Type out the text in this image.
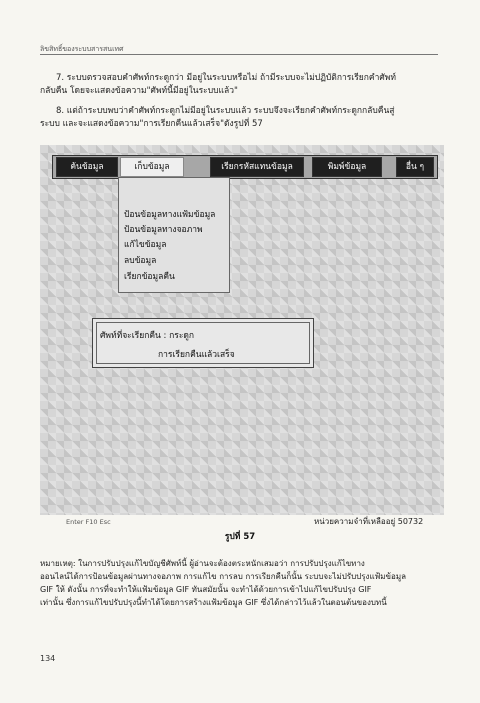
ลิขสิทธิ์ของระบบสารสนเทศ
7. ระบบตรวจสอบคำศัพท์กระดูกว่า มีอยู่ในระบบหรือไม่ ถ้ามีระบบจะไม่ปฏิบัติการเรียกคำศัพท์
กลับคืน โดยจะแสดงข้อความ"ศัพท์นี้มีอยู่ในระบบแล้ว"
8. แต่ถ้าระบบพบว่าคำศัพท์กระดูกไม่มีอยู่ในระบบแล้ว ระบบจึงจะเรียกคำศัพท์กระดูกกลับคืนสู่
ระบบ และจะแสดงข้อความ"การเรียกคืนแล้วเสร็จ"ดังรูปที่ 57
ค้นข้อมูล	เก็บข้อมูล	เรียกรหัสแทนข้อมูล	พิมพ์ข้อมูล	อื่น ๆ
ป้อนข้อมูลทางแฟ้มข้อมูล
ป้อนข้อมูลทางจอภาพ
แก้ไขข้อมูล
ลบข้อมูล
เรียกข้อมูลคืน
ศัพท์ที่จะเรียกคืน : กระดูก
การเรียกคืนแล้วเสร็จ
Enter F10 Esc	หน่วยความจำที่เหลืออยู่ 50732
รูปที่ 57
หมายเหตุ: ในการปรับปรุงแก้ไขบัญชีศัพท์นี้ ผู้อ่านจะต้องตระหนักเสมอว่า การปรับปรุงแก้ไขทาง
ออนไลน์ได้การป้อนข้อมูลผ่านทางจอภาพ การแก้ไข การลบ การเรียกคืนก็นั้น ระบบจะไม่ปรับปรุงแฟ้มข้อมูล
GIF ให้ ดังนั้น การที่จะทำให้แฟ้มข้อมูล GIF ทันสมัยนั้น จะทำได้ด้วยการเข้าไปแก้ไขปรับปรุง GIF
เท่านั้น ซึ่งการแก้ไขปรับปรุงนี้ทำได้โดยการสร้างแฟ้มข้อมูล GIF ซึ่งได้กล่าวไว้แล้วในตอนต้นของบทนี้
134
